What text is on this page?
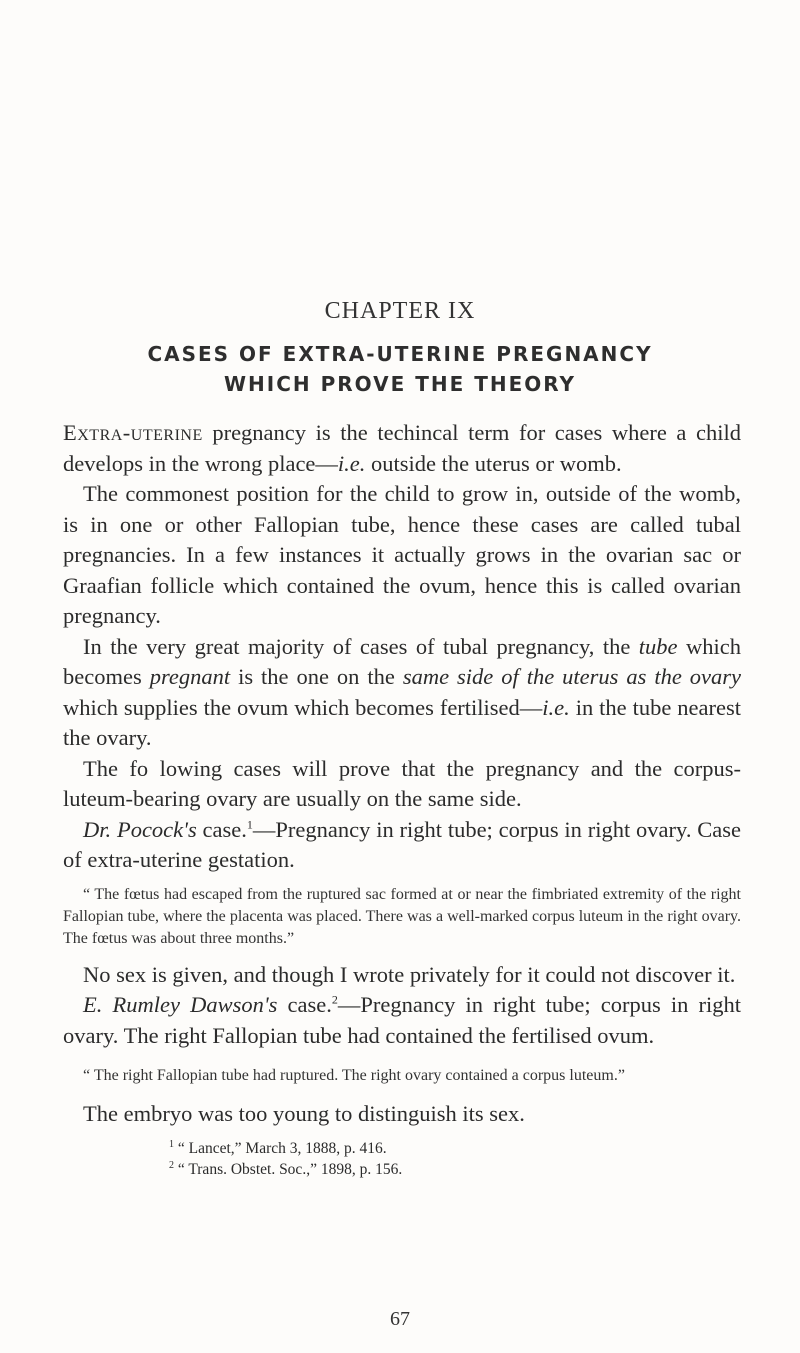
CHAPTER IX
CASES OF EXTRA-UTERINE PREGNANCY
WHICH PROVE THE THEORY

Extra-uterine pregnancy is the techincal term for cases where a child develops in the wrong place—i.e. outside the uterus or womb.

The commonest position for the child to grow in, outside of the womb, is in one or other Fallopian tube, hence these cases are called tubal pregnancies. In a few instances it actually grows in the ovarian sac or Graafian follicle which contained the ovum, hence this is called ovarian pregnancy.

In the very great majority of cases of tubal pregnancy, the tube which becomes pregnant is the one on the same side of the uterus as the ovary which supplies the ovum which becomes fertilised—i.e. in the tube nearest the ovary.

The fo lowing cases will prove that the pregnancy and the corpus-luteum-bearing ovary are usually on the same side.

Dr. Pocock's case.$^1$—Pregnancy in right tube; corpus in right ovary. Case of extra-uterine gestation.

“ The fœtus had escaped from the ruptured sac formed at or near the fimbriated extremity of the right Fallopian tube, where the placenta was placed. There was a well-marked corpus luteum in the right ovary. The fœtus was about three months.”

No sex is given, and though I wrote privately for it could not discover it.

E. Rumley Dawson's case.$^2$—Pregnancy in right tube; corpus in right ovary. The right Fallopian tube had contained the fertilised ovum.

“ The right Fallopian tube had ruptured. The right ovary contained a corpus luteum.”

The embryo was too young to distinguish its sex.

$^1$ “ Lancet,” March 3, 1888, p. 416.

$^2$ “ Trans. Obstet. Soc.,” 1898, p. 156.

67
